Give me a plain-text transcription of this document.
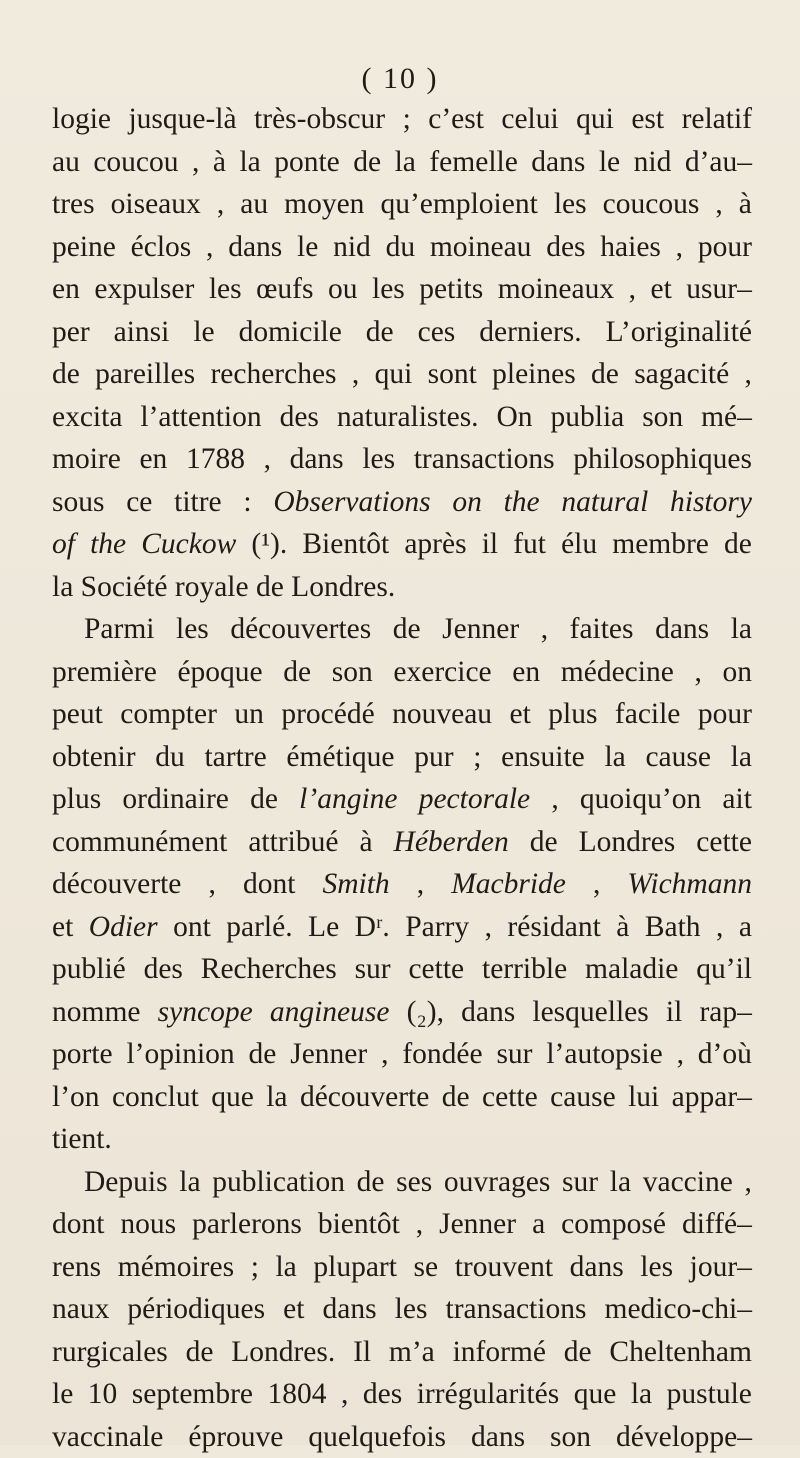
( 10 )
logie jusque-là très-obscur ; c’est celui qui est relatif
au coucou , à la ponte de la femelle dans le nid d’au–
tres oiseaux , au moyen qu’emploient les coucous , à
peine éclos , dans le nid du moineau des haies , pour
en expulser les œufs ou les petits moineaux , et usur–
per ainsi le domicile de ces derniers. L’originalité
de pareilles recherches , qui sont pleines de sagacité ,
excita l’attention des naturalistes. On publia son mé–
moire en 1788 , dans les transactions philosophiques
sous ce titre : Observations on the natural history
of the Cuckow (¹). Bientôt après il fut élu membre de
la Société royale de Londres.
Parmi les découvertes de Jenner , faites dans la
première époque de son exercice en médecine , on
peut compter un procédé nouveau et plus facile pour
obtenir du tartre émétique pur ; ensuite la cause la
plus ordinaire de l’angine pectorale , quoiqu’on ait
communément attribué à Héberden de Londres cette
découverte , dont Smith , Macbride , Wichmann
et Odier ont parlé. Le Dʳ. Parry , résidant à Bath , a
publié des Recherches sur cette terrible maladie qu’il
nomme syncope angineuse (₂), dans lesquelles il rap–
porte l’opinion de Jenner , fondée sur l’autopsie , d’où
l’on conclut que la découverte de cette cause lui appar–
tient.
Depuis la publication de ses ouvrages sur la vaccine ,
dont nous parlerons bientôt , Jenner a composé diffé–
rens mémoires ; la plupart se trouvent dans les jour–
naux périodiques et dans les transactions medico-chi–
rurgicales de Londres. Il m’a informé de Cheltenham
le 10 septembre 1804 , des irrégularités que la pustule
vaccinale éprouve quelquefois dans son développe–
